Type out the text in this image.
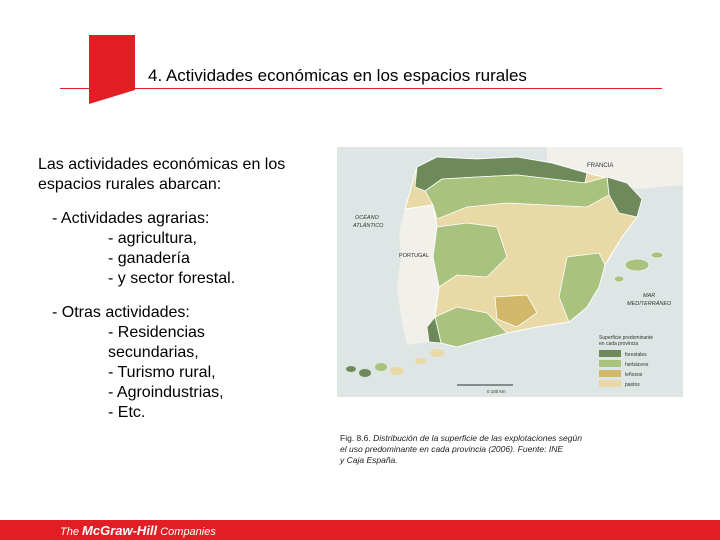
4. Actividades económicas en los espacios rurales
Las actividades económicas en los
espacios rurales abarcan:
- Actividades agrarias:
- agricultura,
- ganadería
- y sector forestal.
- Otras actividades:
- Residencias
secundarias,
- Turismo rural,
- Agroindustrias,
- Etc.
FRANCIA
OCÉANO
ATLÁNTICO
PORTUGAL
MAR
MEDITERRÁNEO
0 100 km
Superficie predominante
en cada provincia
forestales
herbáceos
leñosos
pastos
Fig. 8.6. Distribución de la superficie de las explotaciones según
el uso predominante en cada provincia (2006). Fuente: INE
y Caja España.
The McGraw-Hill Companies
